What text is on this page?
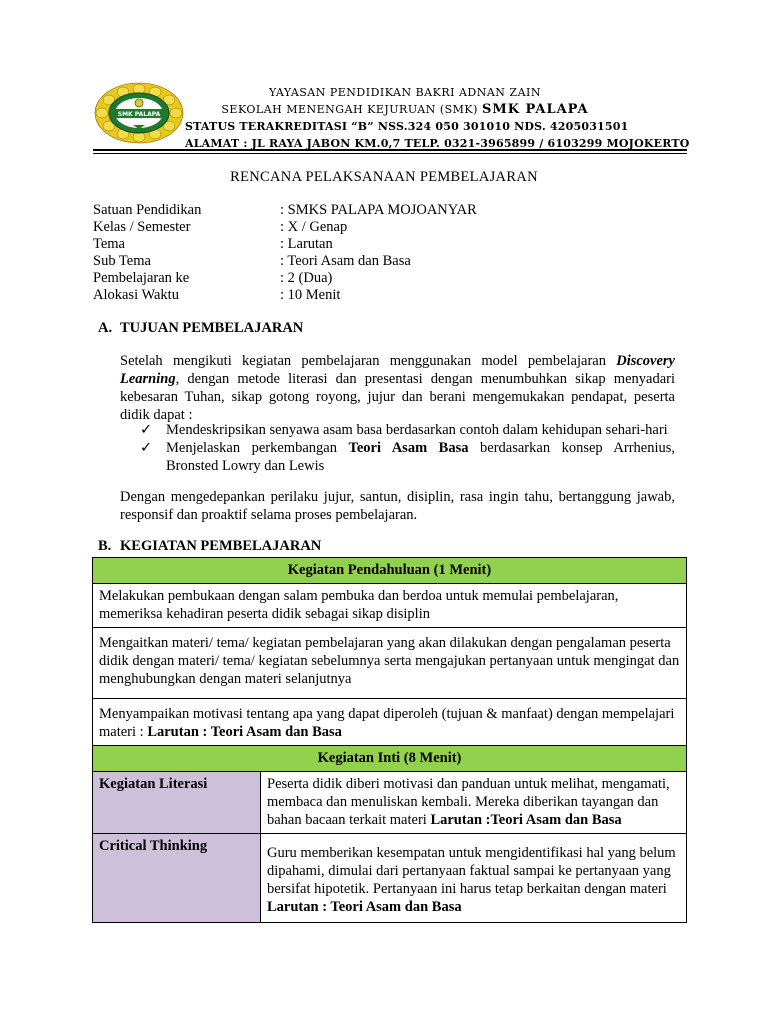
SMK PALAPA
YAYASAN PENDIDIKAN BAKRI ADNAN ZAIN
SEKOLAH MENENGAH KEJURUAN (SMK) SMK PALAPA
STATUS TERAKREDITASI “B” NSS.324 050 301010 NDS. 4205031501
ALAMAT : JL RAYA JABON KM.0,7 TELP. 0321-3965899 / 6103299 MOJOKERTO
RENCANA PELAKSANAAN PEMBELAJARAN
Satuan Pendidikan	: SMKS PALAPA MOJOANYAR
Kelas / Semester	: X / Genap
Tema	: Larutan
Sub Tema	: Teori Asam dan Basa
Pembelajaran ke	: 2 (Dua)
Alokasi Waktu	: 10 Menit
A. TUJUAN PEMBELAJARAN
Setelah mengikuti kegiatan pembelajaran menggunakan model pembelajaran Discovery Learning, dengan metode literasi dan presentasi dengan menumbuhkan sikap menyadari kebesaran Tuhan, sikap gotong royong, jujur dan berani mengemukakan pendapat, peserta didik dapat :
✓ Mendeskripsikan senyawa asam basa berdasarkan contoh dalam kehidupan sehari-hari
✓ Menjelaskan perkembangan Teori Asam Basa berdasarkan konsep Arrhenius, Bronsted Lowry dan Lewis
Dengan mengedepankan perilaku jujur, santun, disiplin, rasa ingin tahu, bertanggung jawab, responsif dan proaktif selama proses pembelajaran.
B. KEGIATAN PEMBELAJARAN
Kegiatan Pendahuluan (1 Menit)	
Melakukan pembukaan dengan salam pembuka dan berdoa untuk memulai pembelajaran, memeriksa kehadiran peserta didik sebagai sikap disiplin	
Mengaitkan materi/ tema/ kegiatan pembelajaran yang akan dilakukan dengan pengalaman peserta didik dengan materi/ tema/ kegiatan sebelumnya serta mengajukan pertanyaan untuk mengingat dan menghubungkan dengan materi selanjutnya	
Menyampaikan motivasi tentang apa yang dapat diperoleh (tujuan & manfaat) dengan mempelajari materi : Larutan : Teori Asam dan Basa	
Kegiatan Inti (8 Menit)	
Kegiatan Literasi	Peserta didik diberi motivasi dan panduan untuk melihat, mengamati, membaca dan menuliskan kembali. Mereka diberikan tayangan dan bahan bacaan terkait materi Larutan :Teori Asam dan Basa
Critical Thinking	Guru memberikan kesempatan untuk mengidentifikasi hal yang belum dipahami, dimulai dari pertanyaan faktual sampai ke pertanyaan yang bersifat hipotetik. Pertanyaan ini harus tetap berkaitan dengan materi Larutan : Teori Asam dan Basa
